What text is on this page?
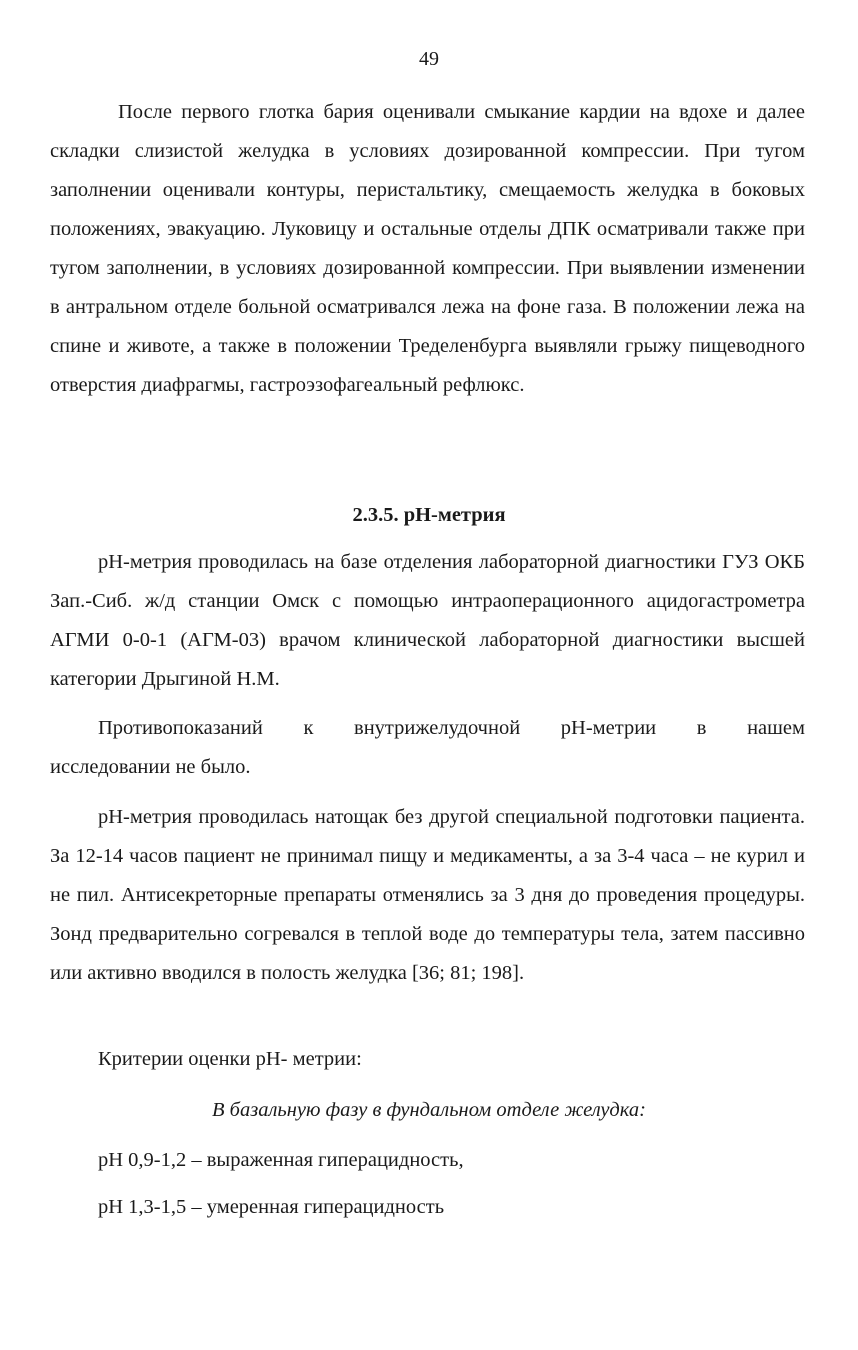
49

После первого глотка бария оценивали смыкание кардии на вдохе и далее складки слизистой желудка в условиях дозированной компрессии. При тугом заполнении оценивали контуры, перистальтику, смещаемость желудка в боковых положениях, эвакуацию. Луковицу и остальные отделы ДПК осматривали также при тугом заполнении, в условиях дозированной компрессии. При выявлении изменении в антральном отделе больной осматривался лежа на фоне газа. В положении лежа на спине и животе, а также в положении Тределенбурга выявляли грыжу пищеводного отверстия диафрагмы, гастроэзофагеальный рефлюкс.

2.3.5. pH-метрия

pH-метрия проводилась на базе отделения лабораторной диагностики ГУЗ ОКБ Зап.-Сиб. ж/д станции Омск с помощью интраоперационного ацидогастрометра АГМИ 0-0-1 (АГМ-03) врачом клинической лабораторной диагностики высшей категории Дрыгиной Н.М.

Противопоказаний к внутрижелудочной pH-метрии в нашем

исследовании не было.

pH-метрия проводилась натощак без другой специальной подготовки пациента. За 12-14 часов пациент не принимал пищу и медикаменты, а за 3-4 часа – не курил и не пил. Антисекреторные препараты отменялись за 3 дня до проведения процедуры. Зонд предварительно согревался в теплой воде до температуры тела, затем пассивно или активно вводился в полость желудка [36; 81; 198].

Критерии оценки pH- метрии:

В базальную фазу в фундальном отделе желудка:

pH 0,9-1,2 – выраженная гиперацидность,

pH 1,3-1,5 – умеренная гиперацидность
